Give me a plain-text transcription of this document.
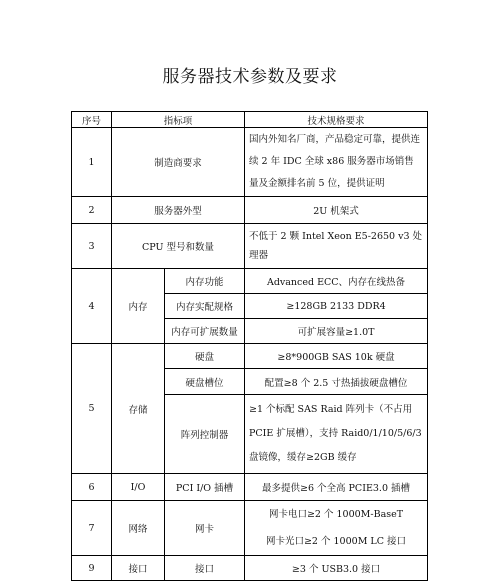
服务器技术参数及要求
序号	指标项		技术规格要求
1	制造商要求		国内外知名厂商，产品稳定可靠，提供连续 2 年 IDC 全球 x86 服务器市场销售量及金额排名前 5 位，提供证明
2	服务器外型		2U 机架式
3	CPU 型号和数量		不低于 2 颗 Intel Xeon E5-2650 v3 处理器
4	内存	内存功能	Advanced ECC、内存在线热备
		内存实配规格	≥128GB 2133 DDR4
		内存可扩展数量	可扩展容量≥1.0T
5	存储	硬盘	≥8*900GB SAS 10k 硬盘
		硬盘槽位	配置≥8 个 2.5 寸热插拔硬盘槽位
		阵列控制器	≥1 个标配 SAS Raid 阵列卡（不占用 PCIE 扩展槽），支持 Raid0/1/10/5/6/3 盘镜像，缓存≥2GB 缓存
6	I/O	PCI I/O 插槽	最多提供≥6 个全高 PCIE3.0 插槽
7	网络	网卡	网卡电口≥2 个 1000M-BaseT
网卡光口≥2 个 1000M LC 接口

9	接口	接口	≥3 个 USB3.0 接口
